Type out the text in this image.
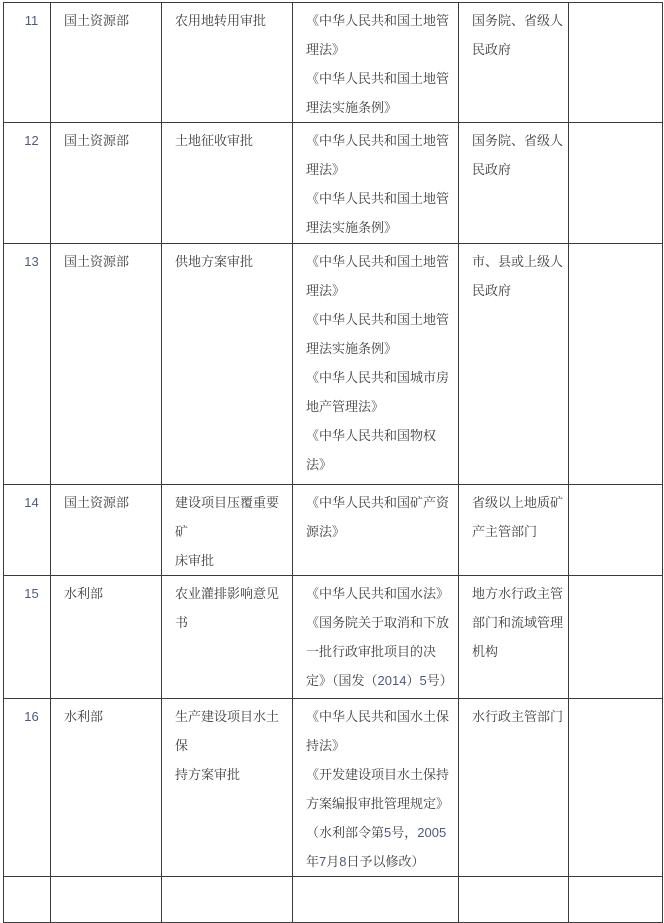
11	国土资源部	农用地转用审批	《中华人民共和国土地管
理法》
《中华人民共和国土地管
理法实施条例》	国务院、省级人
民政府	
12	国土资源部	土地征收审批	《中华人民共和国土地管
理法》
《中华人民共和国土地管
理法实施条例》	国务院、省级人
民政府	
13	国土资源部	供地方案审批	《中华人民共和国土地管
理法》
《中华人民共和国土地管
理法实施条例》
《中华人民共和国城市房
地产管理法》
《中华人民共和国物权
法》	市、县或上级人
民政府	
14	国土资源部	建设项目压覆重要矿
床审批	《中华人民共和国矿产资
源法》	省级以上地质矿
产主管部门	
15	水利部	农业灌排影响意见书	《中华人民共和国水法》
《国务院关于取消和下放
一批行政审批项目的决
定》（国发（2014）5号）	地方水行政主管
部门和流域管理
机构	
16	水利部	生产建设项目水土保
持方案审批	《中华人民共和国水土保
持法》
《开发建设项目水土保持
方案编报审批管理规定》
（水利部令第5号，2005
年7月8日予以修改）	水行政主管部门	
